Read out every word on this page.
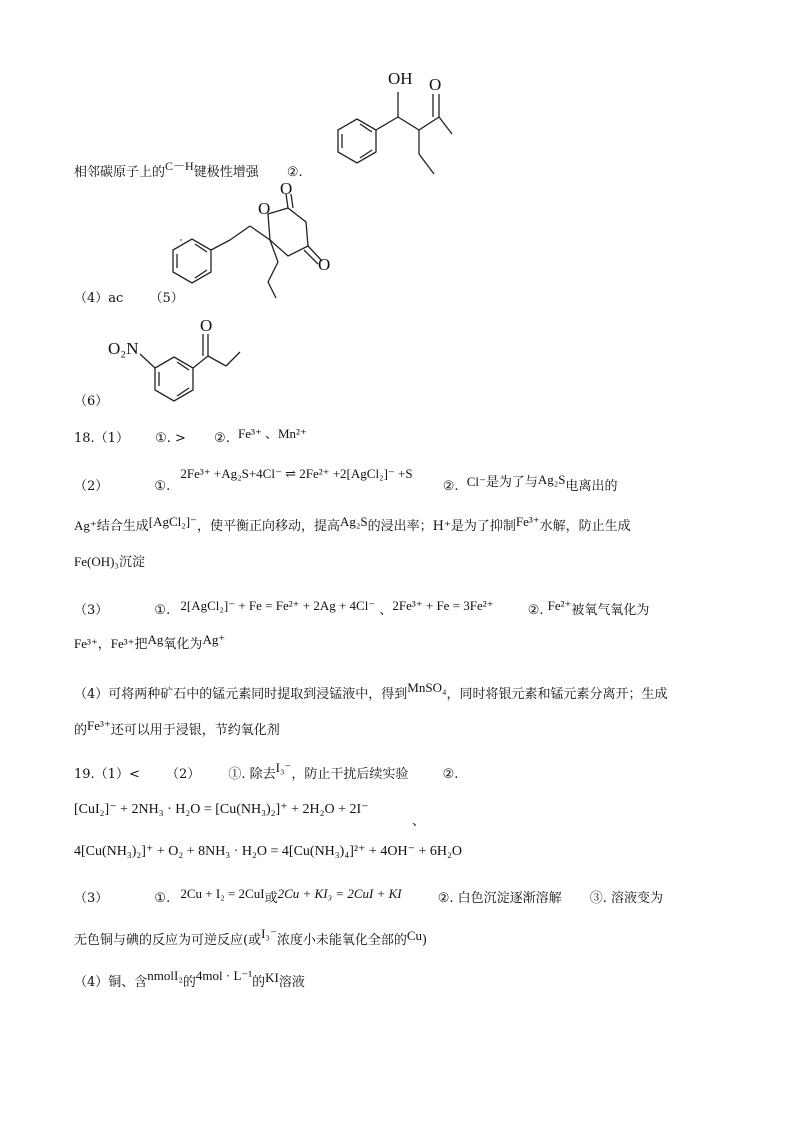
OH O
相邻碳原子上的$^{C-H}$键极性增强 ②.
O
O
O
'
（4）ac （5）
O₂N
O
（6）
18.（1） ①. > ②. Fe³⁺ 、Mn²⁺
（2）	①. 2Fe³⁺ +Ag₂S+4Cl⁻ ⇌ 2Fe²⁺ +2[AgCl₂]⁻ +S ②. Cl⁻是为了与Ag₂S电离出的
Ag⁺结合生成[AgCl₂]⁻，使平衡正向移动，提高Ag₂S的浸出率；H⁺是为了抑制Fe³⁺水解，防止生成
Fe(OH)₃沉淀
（3）	①. 2[AgCl₂]⁻ + Fe = Fe²⁺ + 2Ag + 4Cl⁻ 、2Fe³⁺ + Fe = 3Fe²⁺	②. Fe²⁺被氧气氧化为
Fe³⁺，Fe³⁺把Ag氧化为Ag⁺
（4）可将两种矿石中的锰元素同时提取到浸锰液中，得到MnSO₄，同时将银元素和锰元素分离开；生成
的Fe³⁺还可以用于浸银，节约氧化剂
19.（1）< （2） ①. 除去I₃⁻，防止干扰后续实验	②.
[CuI₂]⁻ + 2NH₃ · H₂O = [Cu(NH₃)₂]⁺ + 2H₂O + 2I⁻
、
4[Cu(NH₃)₂]⁺ + O₂ + 8NH₃ · H₂O = 4[Cu(NH₃)₄]²⁺ + 4OH⁻ + 6H₂O
（3）	①. 2Cu + I₂ = 2CuI或2Cu + KI₃ = 2CuI + KI	②. 白色沉淀逐渐溶解 ③. 溶液变为
无色铜与碘的反应为可逆反应(或I₃⁻浓度小未能氧化全部的Cu)
（4）铜、含nmolI₂的4mol · L⁻¹的KI溶液
